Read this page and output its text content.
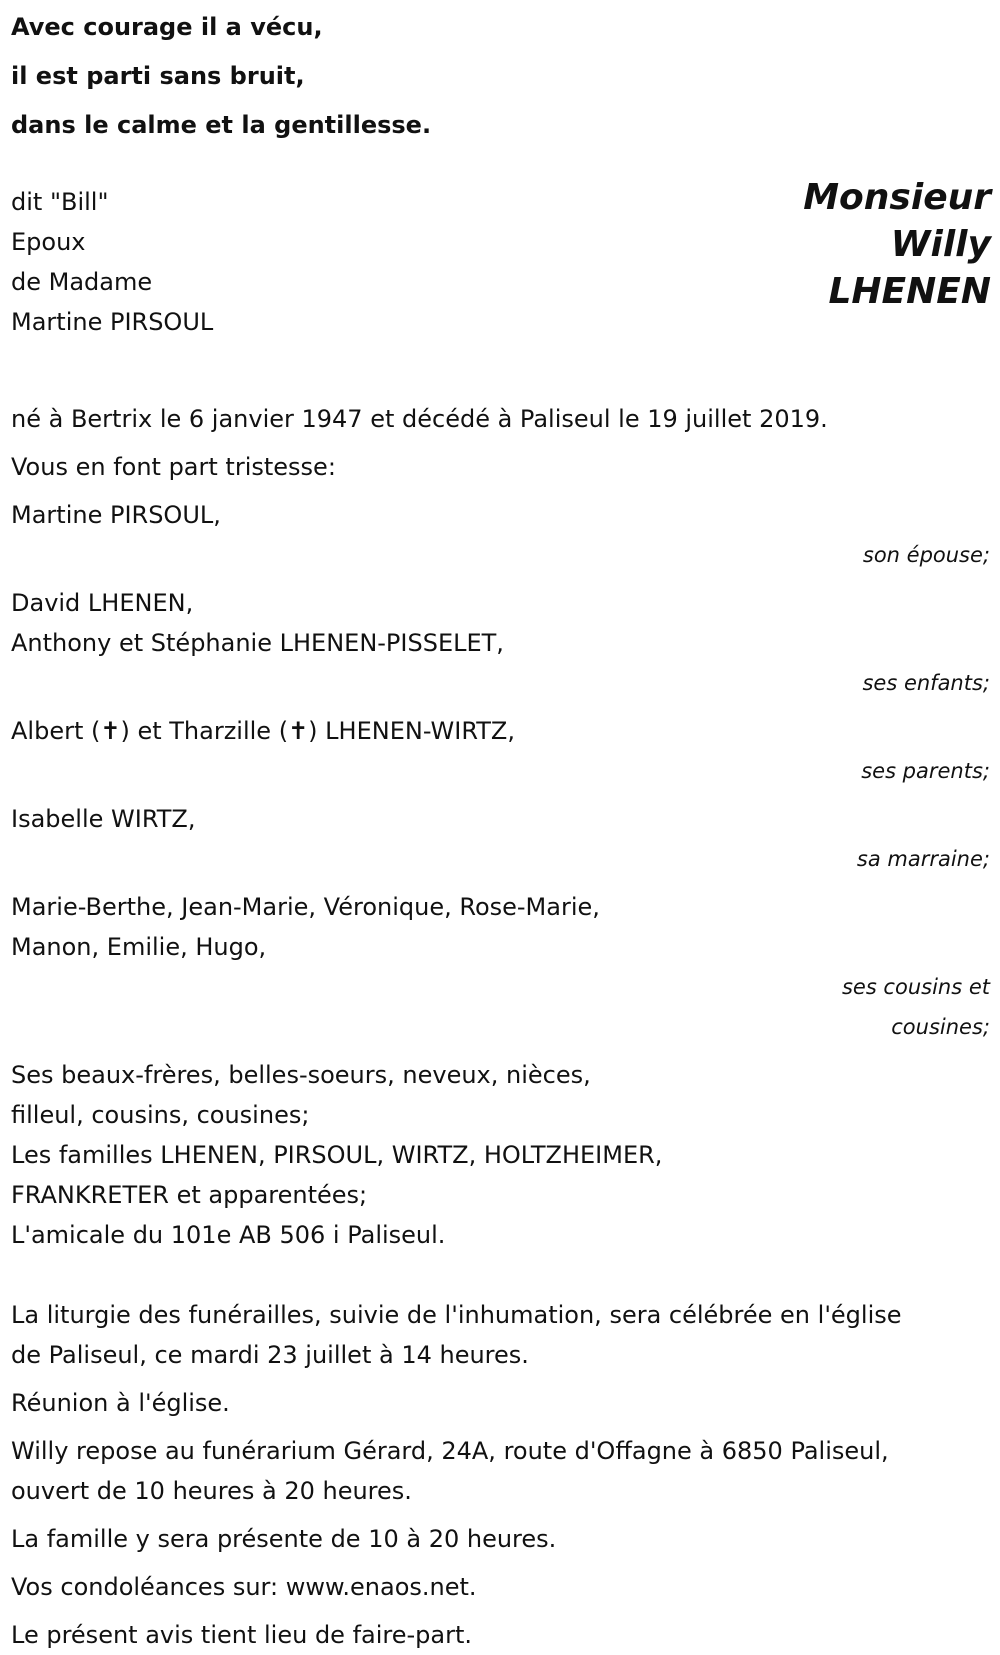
Avec courage il a vécu,
il est parti sans bruit,
dans le calme et la gentillesse.
dit "Bill"
Epoux
de Madame
Martine PIRSOUL
Monsieur
Willy
LHENEN
né à Bertrix le 6 janvier 1947 et décédé à Paliseul le 19 juillet 2019.
Vous en font part tristesse:
Martine PIRSOUL,
son épouse;
David LHENEN,
Anthony et Stéphanie LHENEN-PISSELET,
ses enfants;
Albert (✝) et Tharzille (✝) LHENEN-WIRTZ,
ses parents;
Isabelle WIRTZ,
sa marraine;
Marie-Berthe, Jean-Marie, Véronique, Rose-Marie,
Manon, Emilie, Hugo,
ses cousins et
cousines;
Ses beaux-frères, belles-soeurs, neveux, nièces,
filleul, cousins, cousines;
Les familles LHENEN, PIRSOUL, WIRTZ, HOLTZHEIMER,
FRANKRETER et apparentées;
L'amicale du 101e AB 506 i Paliseul.
La liturgie des funérailles, suivie de l'inhumation, sera célébrée en l'église
de Paliseul, ce mardi 23 juillet à 14 heures.
Réunion à l'église.
Willy repose au funérarium Gérard, 24A, route d'Offagne à 6850 Paliseul,
ouvert de 10 heures à 20 heures.
La famille y sera présente de 10 à 20 heures.
Vos condoléances sur: www.enaos.net.
Le présent avis tient lieu de faire-part.
